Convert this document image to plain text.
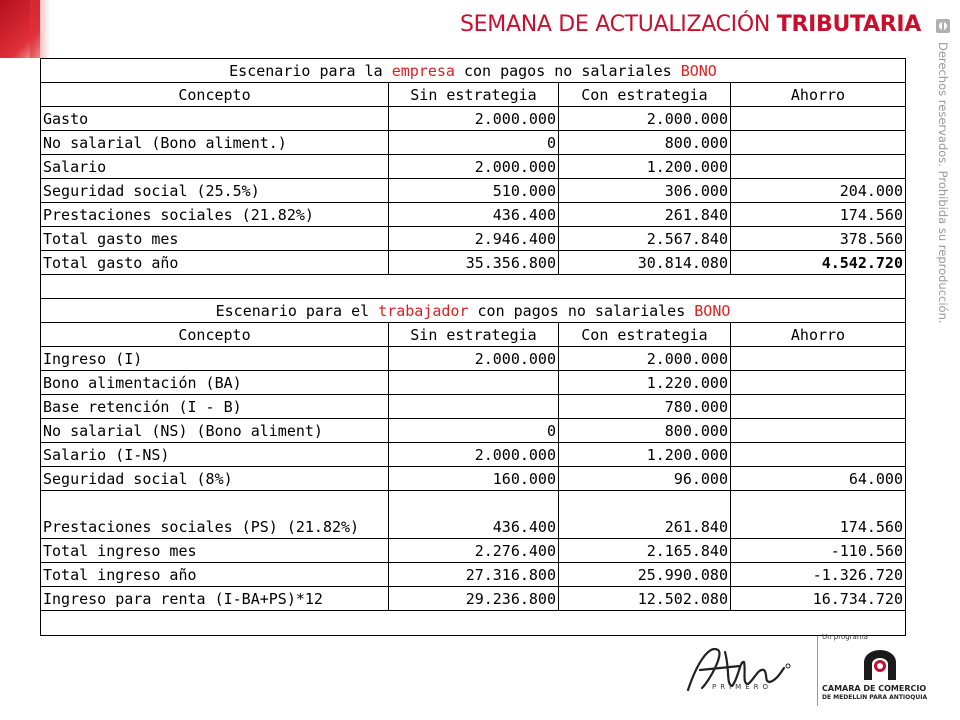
SEMANA DE ACTUALIZACIÓN TRIBUTARIA
Derechos reservados. Prohibida su reproducción.
Escenario para la empresa con pagos no salariales BONO			
Concepto	Sin estrategia	Con estrategia	Ahorro
Gasto	2.000.000	2.000.000	
No salarial (Bono aliment.)	0	800.000	
Salario	2.000.000	1.200.000	
Seguridad social (25.5%)	510.000	306.000	204.000
Prestaciones sociales (21.82%)	436.400	261.840	174.560
Total gasto mes	2.946.400	2.567.840	378.560
Total gasto año	35.356.800	30.814.080	4.542.720

Escenario para el trabajador con pagos no salariales BONO			
Concepto	Sin estrategia	Con estrategia	Ahorro
Ingreso (I)	2.000.000	2.000.000	
Bono alimentación (BA)		1.220.000	
Base retención (I - B)		780.000	
No salarial (NS) (Bono aliment)	0	800.000	
Salario (I-NS)	2.000.000	1.200.000	
Seguridad social (8%)	160.000	96.000	64.000
Prestaciones sociales (PS) (21.82%)	436.400	261.840	174.560
Total ingreso mes	2.276.400	2.165.840	-110.560
Total ingreso año	27.316.800	25.990.080	-1.326.720
Ingreso para renta (I-BA+PS)*12	29.236.800	12.502.080	16.734.720

PRIMERO
Un programa
CAMARA DE COMERCIO
DE MEDELLIN PARA ANTIOQUIA
